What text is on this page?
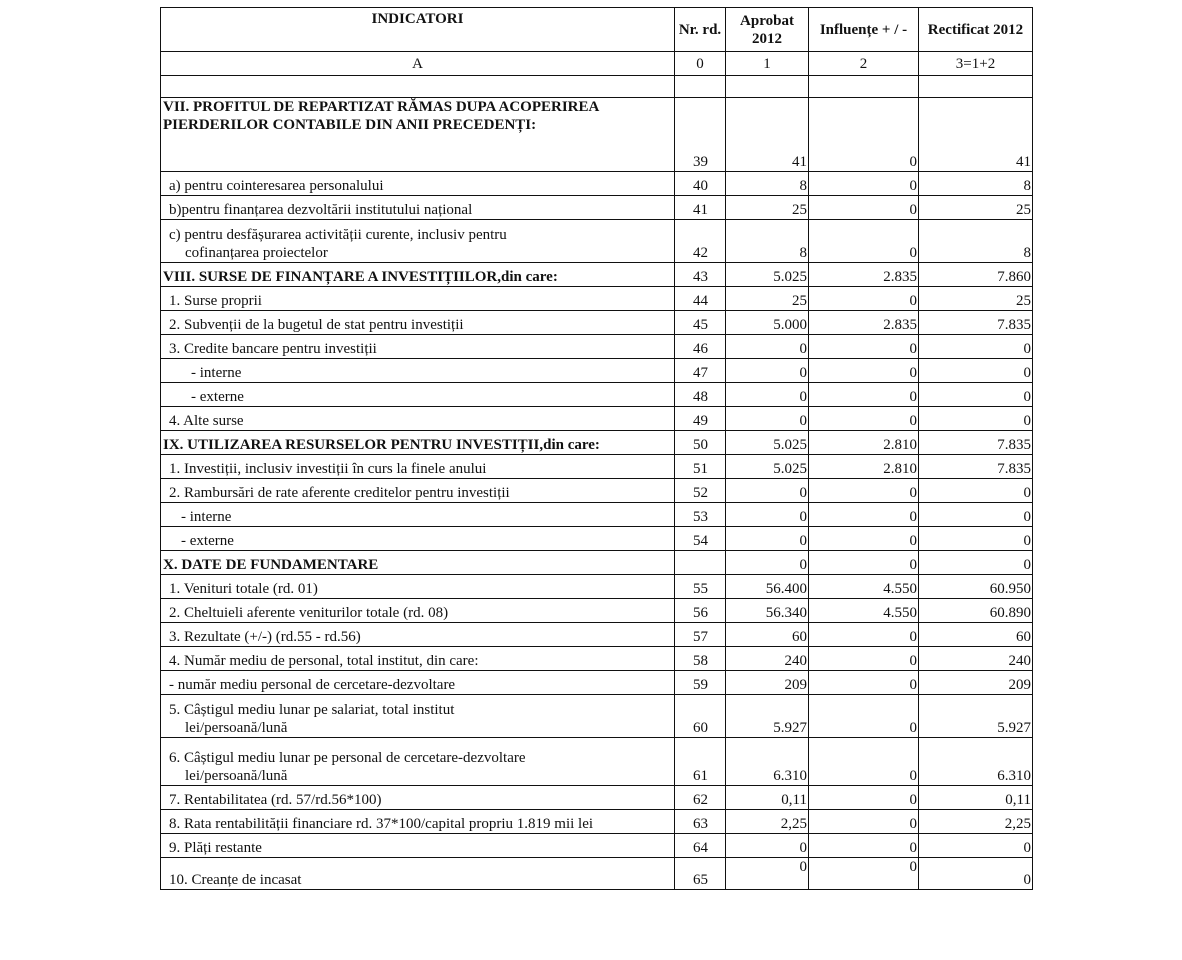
INDICATORI	Nr. rd.	Aprobat 2012	Influențe + / -	Rectificat 2012
A	0	1	2	3=1+2

VII. PROFITUL DE REPARTIZAT RĂMAS DUPA ACOPERIREA
PIERDERILOR CONTABILE DIN ANII PRECEDENȚI:	39	41	0	41

a) pentru cointeresarea personalului	40	8	0	8

b)pentru finanțarea dezvoltării institutului național	41	25	0	25

c) pentru desfășurarea activității curente, inclusiv pentru
cofinanțarea proiectelor	42	8	0	8

VIII. SURSE DE FINANȚARE A INVESTIȚIILOR,din care:	43	5.025	2.835	7.860

1. Surse proprii	44	25	0	25

2. Subvenții de la bugetul de stat pentru investiții	45	5.000	2.835	7.835

3. Credite bancare pentru investiții	46	0	0	0

- interne	47	0	0	0

- externe	48	0	0	0

4. Alte surse	49	0	0	0

IX. UTILIZAREA RESURSELOR PENTRU INVESTIȚII,din care:	50	5.025	2.810	7.835

1. Investiții, inclusiv investiții în curs la finele anului	51	5.025	2.810	7.835

2. Rambursări de rate aferente creditelor pentru investiții	52	0	0	0

- interne	53	0	0	0

- externe	54	0	0	0

X. DATE DE FUNDAMENTARE		0	0	0

1. Venituri totale (rd. 01)	55	56.400	4.550	60.950

2. Cheltuieli aferente veniturilor totale (rd. 08)	56	56.340	4.550	60.890

3. Rezultate (+/-) (rd.55 - rd.56)	57	60	0	60

4. Număr mediu de personal, total institut, din care:	58	240	0	240

- număr mediu personal de cercetare-dezvoltare	59	209	0	209

5. Câștigul mediu lunar pe salariat, total institut
lei/persoană/lună	60	5.927	0	5.927

6. Câștigul mediu lunar pe personal de cercetare-dezvoltare
lei/persoană/lună	61	6.310	0	6.310

7. Rentabilitatea (rd. 57/rd.56*100)	62	0,11	0	0,11

8. Rata rentabilității financiare rd. 37*100/capital propriu 1.819 mii lei	63	2,25	0	2,25

9. Plăți restante	64	0	0	0

10. Creanțe de incasat	65	0	0	0
